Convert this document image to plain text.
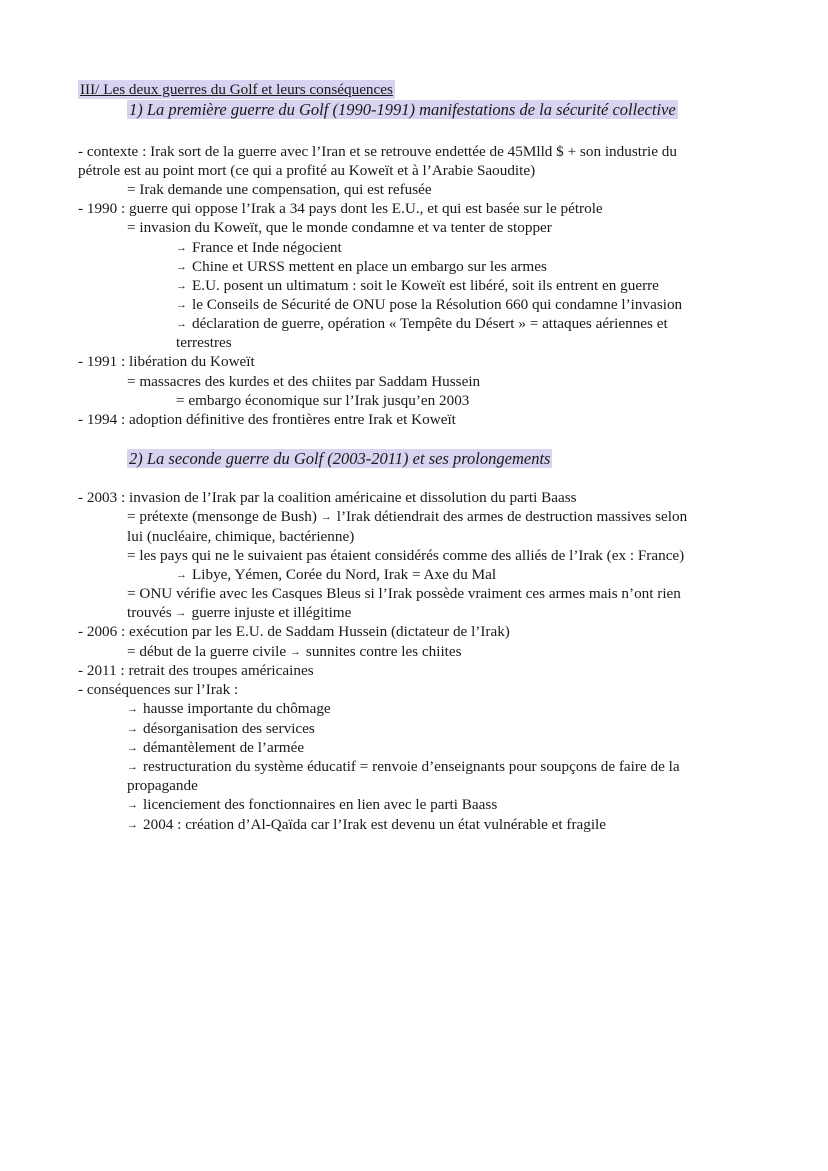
III/ Les deux guerres du Golf et leurs conséquences
1) La première guerre du Golf (1990-1991) manifestations de la sécurité collective
- contexte : Irak sort de la guerre avec l’Iran et se retrouve endettée de 45Mlld $ + son industrie du
pétrole est au point mort (ce qui a profité au Koweït et à l’Arabie Saoudite)
= Irak demande une compensation, qui est refusée
- 1990 : guerre qui oppose l’Irak a 34 pays dont les E.U., et qui est basée sur le pétrole
= invasion du Koweït, que le monde condamne et va tenter de stopper
→ France et Inde négocient
→ Chine et URSS mettent en place un embargo sur les armes
→ E.U. posent un ultimatum : soit le Koweït est libéré, soit ils entrent en guerre
→ le Conseils de Sécurité de ONU pose la Résolution 660 qui condamne l’invasion
→ déclaration de guerre, opération « Tempête du Désert » = attaques aériennes et
terrestres
- 1991 : libération du Koweït
= massacres des kurdes et des chiites par Saddam Hussein
= embargo économique sur l’Irak jusqu’en 2003
- 1994 : adoption définitive des frontières entre Irak et Koweït
2) La seconde guerre du Golf (2003-2011) et ses prolongements
- 2003 : invasion de l’Irak par la coalition américaine et dissolution du parti Baass
= prétexte (mensonge de Bush) → l’Irak détiendrait des armes de destruction massives selon
lui (nucléaire, chimique, bactérienne)
= les pays qui ne le suivaient pas étaient considérés comme des alliés de l’Irak (ex : France)
→ Libye, Yémen, Corée du Nord, Irak = Axe du Mal
= ONU vérifie avec les Casques Bleus si l’Irak possède vraiment ces armes mais n’ont rien
trouvés → guerre injuste et illégitime
- 2006 : exécution par les E.U. de Saddam Hussein (dictateur de l’Irak)
= début de la guerre civile → sunnites contre les chiites
- 2011 : retrait des troupes américaines
- conséquences sur l’Irak :
→ hausse importante du chômage
→ désorganisation des services
→ démantèlement de l’armée
→ restructuration du système éducatif = renvoie d’enseignants pour soupçons de faire de la
propagande
→ licenciement des fonctionnaires en lien avec le parti Baass
→ 2004 : création d’Al-Qaïda car l’Irak est devenu un état vulnérable et fragile
